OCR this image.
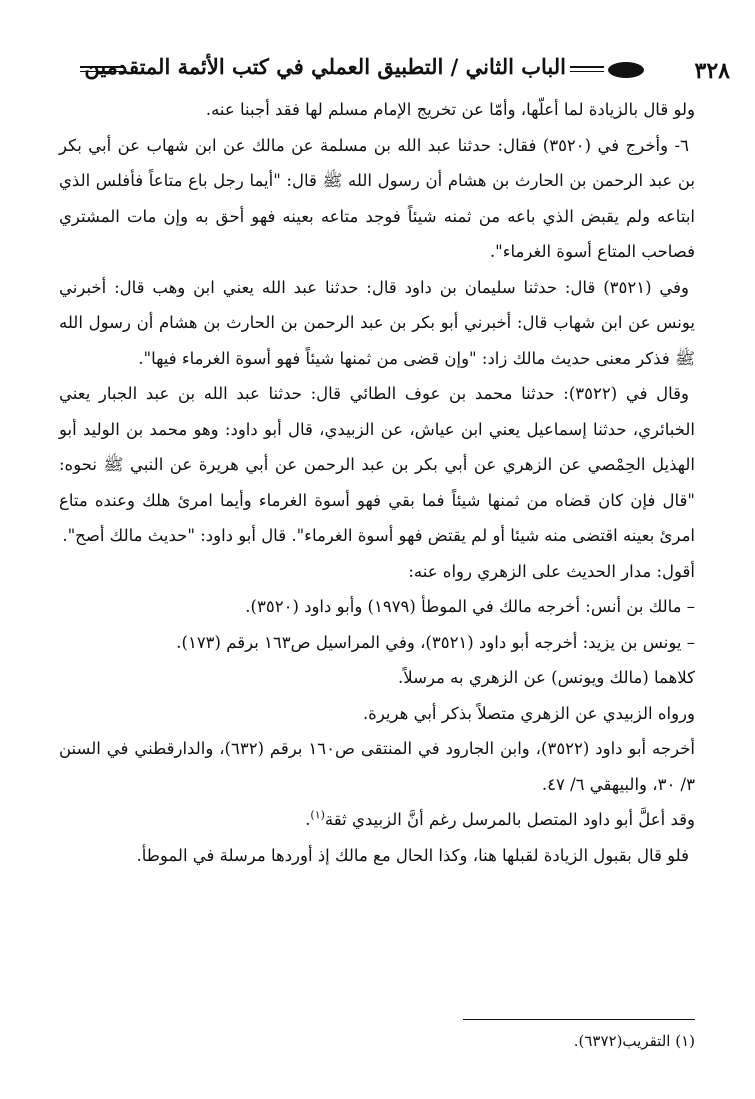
٣٢٨
الباب الثاني / التطبيق العملي في كتب الأئمة المتقدمين

ولو قال بالزيادة لما أعلّها، وأمّا عن تخريج الإمام مسلم لها فقد أجبنا عنه.

٦- وأخرج في (٣٥٢٠) فقال: حدثنا عبد الله بن مسلمة عن مالك عن ابن شهاب عن أبي بكر بن عبد الرحمن بن الحارث بن هشام أن رسول الله ﷺ قال: "أيما رجل باع متاعاً فأفلس الذي ابتاعه ولم يقبض الذي باعه من ثمنه شيئاً فوجد متاعه بعينه فهو أحق به وإن مات المشتري فصاحب المتاع أسوة الغرماء".

وفي (٣٥٢١) قال: حدثنا سليمان بن داود قال: حدثنا عبد الله يعني ابن وهب قال: أخبرني يونس عن ابن شهاب قال: أخبرني أبو بكر بن عبد الرحمن بن الحارث بن هشام أن رسول الله ﷺ فذكر معنى حديث مالك زاد: "وإن قضى من ثمنها شيئاً فهو أسوة الغرماء فيها".

وقال في (٣٥٢٢): حدثنا محمد بن عوف الطائي قال: حدثنا عبد الله بن عبد الجبار يعني الخبائري، حدثنا إسماعيل يعني ابن عياش، عن الزبيدي، قال أبو داود: وهو محمد بن الوليد أبو الهذيل الحِمْصي عن الزهري عن أبي بكر بن عبد الرحمن عن أبي هريرة عن النبي ﷺ نحوه: "قال فإن كان قضاه من ثمنها شيئاً فما بقي فهو أسوة الغرماء وأيما امرئ هلك وعنده متاع امرئ بعينه اقتضى منه شيئا أو لم يقتض فهو أسوة الغرماء". قال أبو داود: "حديث مالك أصح".

أقول: مدار الحديث على الزهري رواه عنه:

– مالك بن أنس: أخرجه مالك في الموطأ (١٩٧٩) وأبو داود (٣٥٢٠).

– يونس بن يزيد: أخرجه أبو داود (٣٥٢١)، وفي المراسيل ص١٦٣ برقم (١٧٣).

كلاهما (مالك ويونس) عن الزهري به مرسلاً.

ورواه الزبيدي عن الزهري متصلاً بذكر أبي هريرة.

أخرجه أبو داود (٣٥٢٢)، وابن الجارود في المنتقى ص١٦٠ برقم (٦٣٢)، والدارقطني في السنن ٣/ ٣٠، والبيهقي ٦/ ٤٧.

وقد أعلَّ أبو داود المتصل بالمرسل رغم أنَّ الزبيدي ثقة$^{(١)}$.

فلو قال بقبول الزيادة لقبلها هنا، وكذا الحال مع مالك إذ أوردها مرسلة في الموطأ.

(١) التقريب(٦٣٧٢).
